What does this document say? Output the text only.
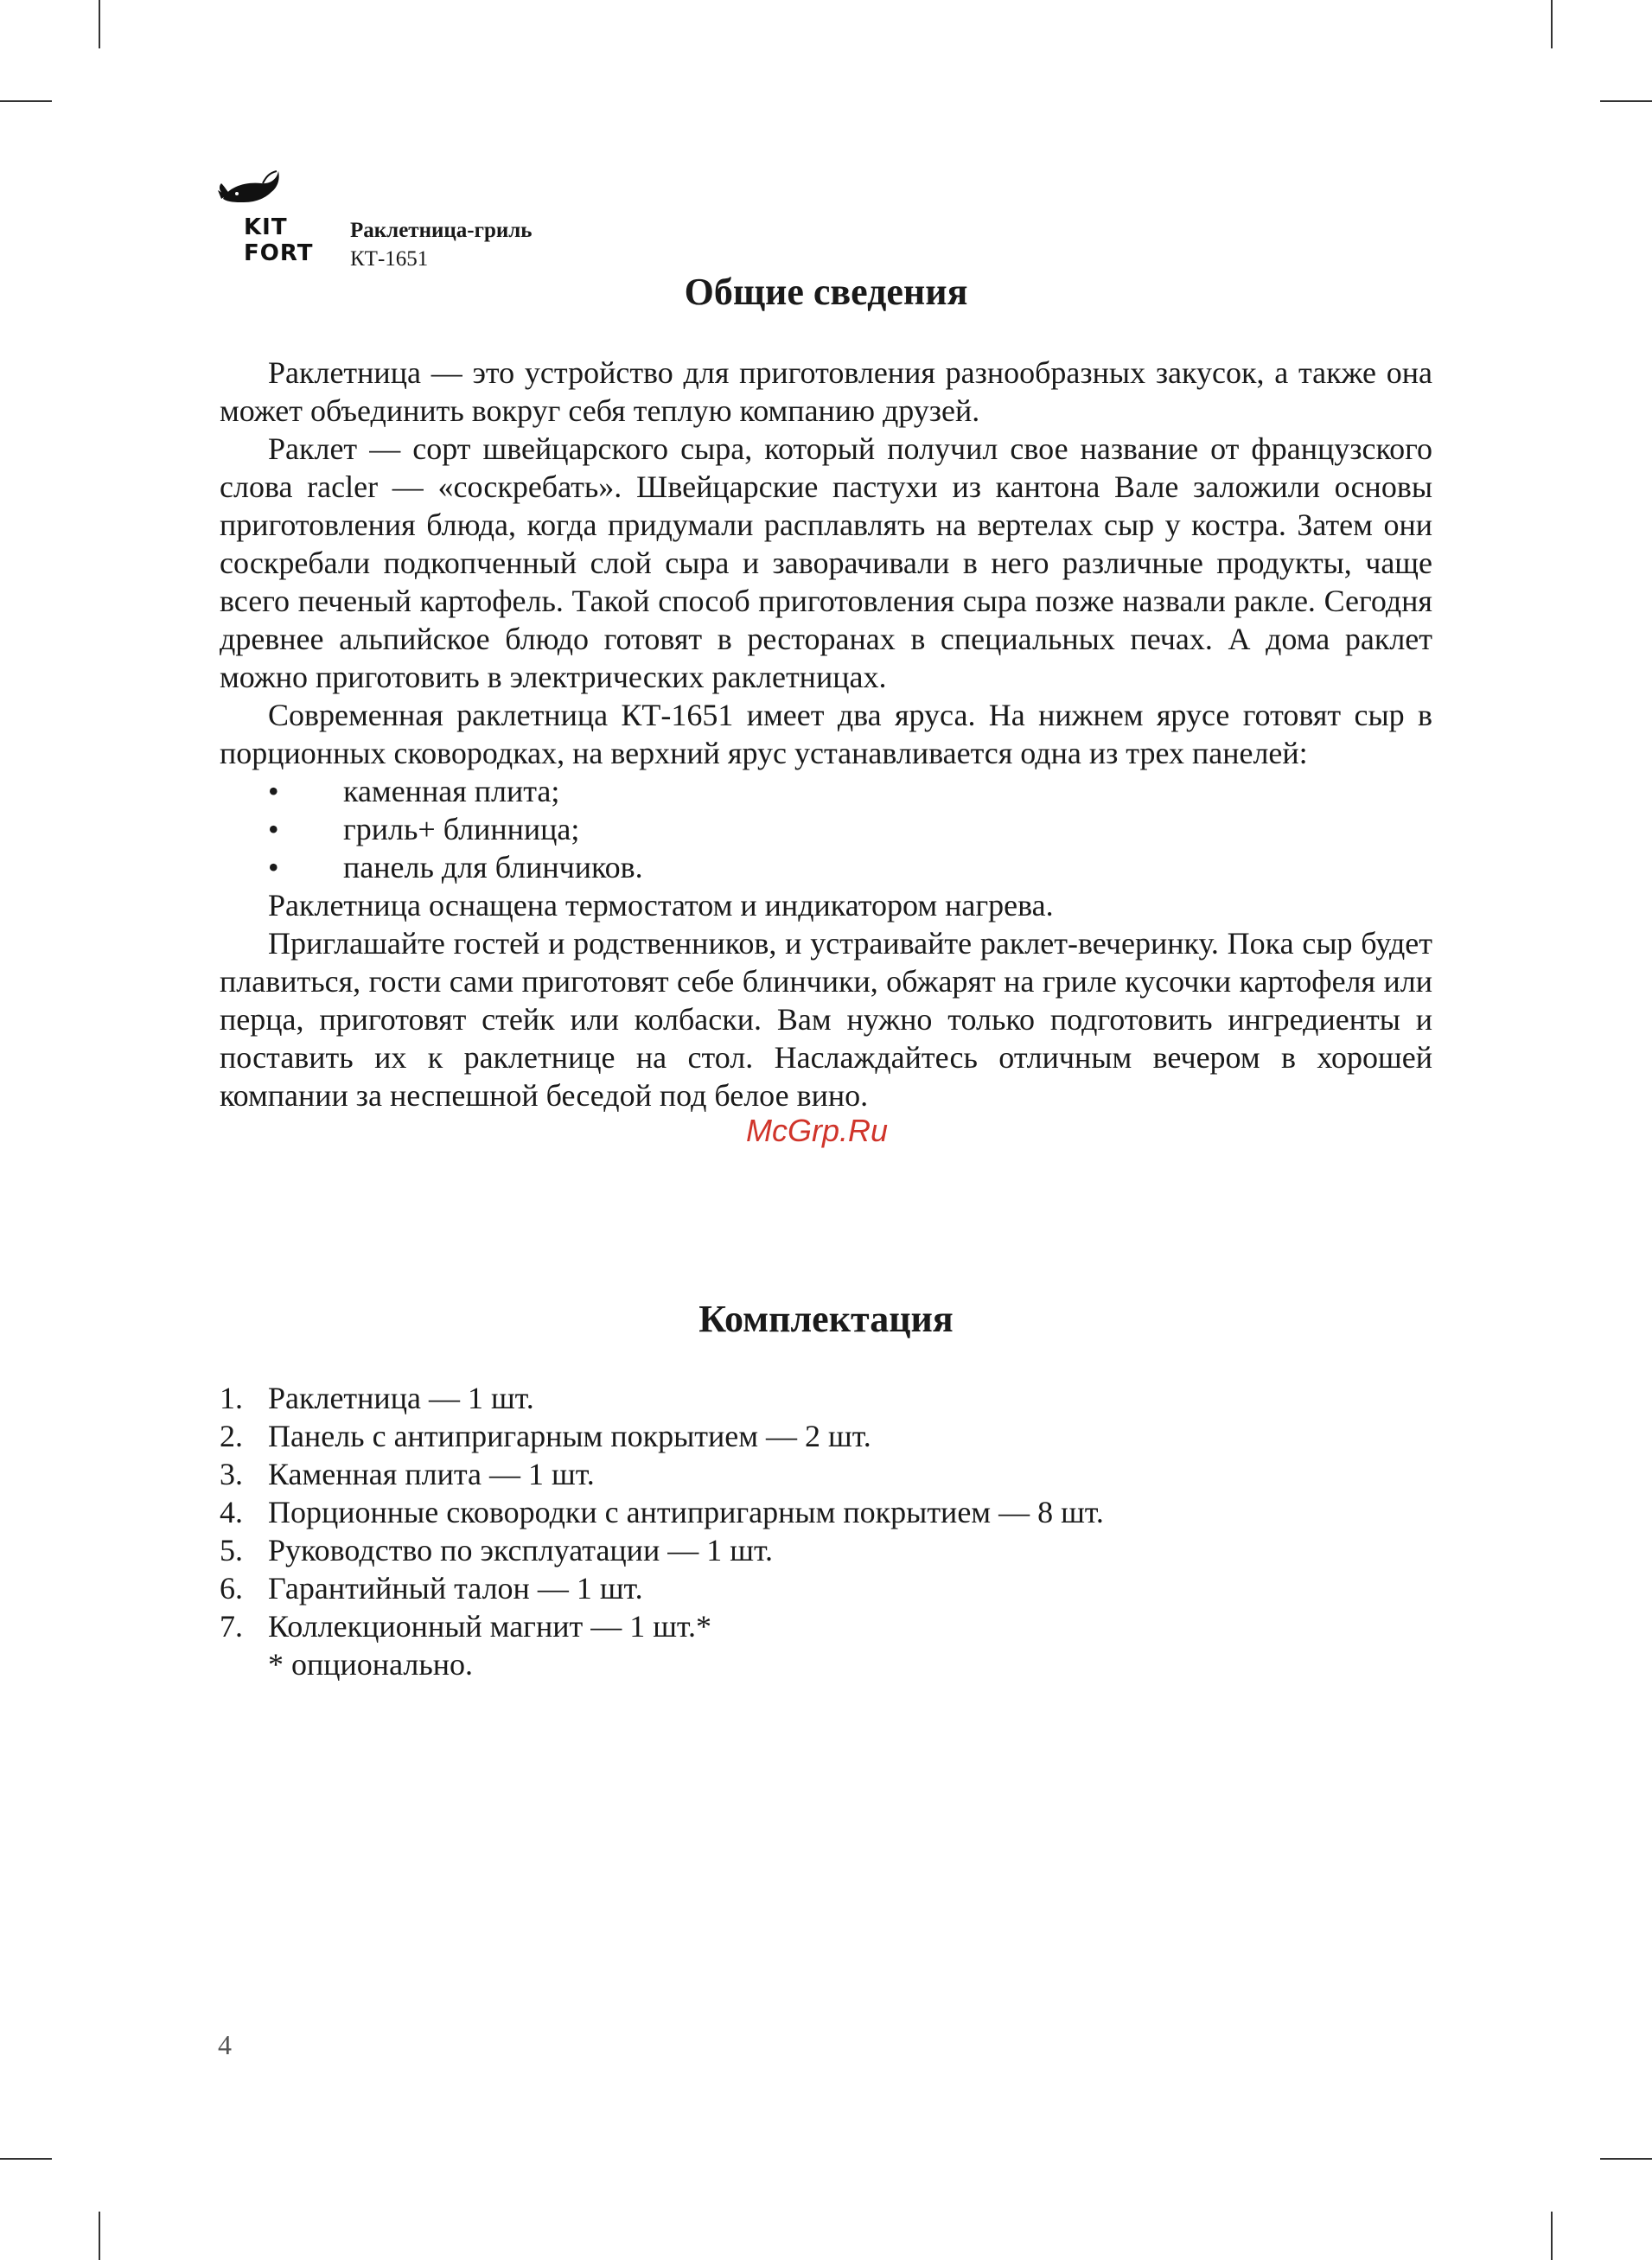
KIT
FORT
Раклетница-гриль
КТ-1651
Общие сведения

Раклетница — это устройство для приготовления разнообразных закусок, а также она может объединить вокруг себя теплую компанию друзей.

Раклет — сорт швейцарского сыра, который получил свое название от французского слова racler — «соскребать». Швейцарские пастухи из кантона Вале заложили основы приготовления блюда, когда придумали расплавлять на вертелах сыр у костра. Затем они соскребали подкопченный слой сыра и заворачивали в него различные продукты, чаще всего печеный картофель. Такой способ приготовления сыра позже назвали ракле. Сегодня древнее альпийское блюдо готовят в ресторанах в специальных печах. А дома раклет можно приготовить в электрических раклетницах.

Современная раклетница КТ-1651 имеет два яруса. На нижнем ярусе готовят сыр в порционных сковородках, на верхний ярус устанавливается одна из трех панелей:

• каменная плита;
• гриль+ блинница;
• панель для блинчиков.

Раклетница оснащена термостатом и индикатором нагрева.

Приглашайте гостей и родственников, и устраивайте раклет-вечеринку. Пока сыр будет плавиться, гости сами приготовят себе блинчики, обжарят на гриле кусочки картофеля или перца, приготовят стейк или колбаски. Вам нужно только подготовить ингредиенты и поставить их к раклетнице на стол. Наслаждайтесь отличным вечером в хорошей компании за неспешной беседой под белое вино.

McGrp.Ru
Комплектация
1. Раклетница — 1 шт.
2. Панель с антипригарным покрытием — 2 шт.
3. Каменная плита — 1 шт.
4. Порционные сковородки с антипригарным покрытием — 8 шт.
5. Руководство по эксплуатации — 1 шт.
6. Гарантийный талон — 1 шт.
7. Коллекционный магнит — 1 шт.*
* опционально.
4
